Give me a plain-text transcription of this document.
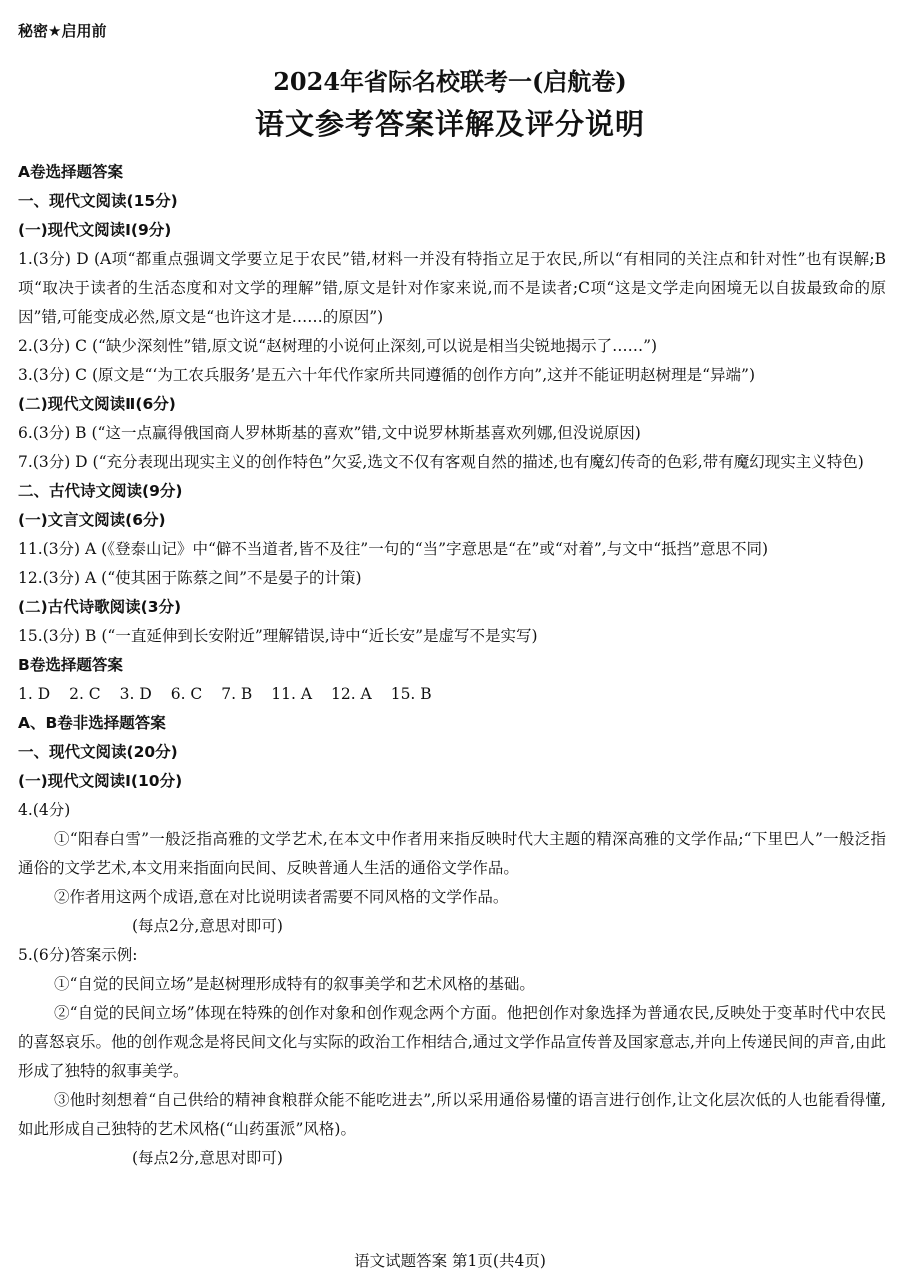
秘密★启用前
2024年省际名校联考一(启航卷)
语文参考答案详解及评分说明

A卷选择题答案

一、现代文阅读(15分)

(一)现代文阅读Ⅰ(9分)

1.(3分) D (A项“都重点强调文学要立足于农民”错,材料一并没有特指立足于农民,所以“有相同的关注点和针对性”也有误解;B项“取决于读者的生活态度和对文学的理解”错,原文是针对作家来说,而不是读者;C项“这是文学走向困境无以自拔最致命的原因”错,可能变成必然,原文是“也许这才是……的原因”)

2.(3分) C (“缺少深刻性”错,原文说“赵树理的小说何止深刻,可以说是相当尖锐地揭示了……”)

3.(3分) C (原文是“‘为工农兵服务’是五六十年代作家所共同遵循的创作方向”,这并不能证明赵树理是“异端”)

(二)现代文阅读Ⅱ(6分)

6.(3分) B (“这一点赢得俄国商人罗林斯基的喜欢”错,文中说罗林斯基喜欢列娜,但没说原因)

7.(3分) D (“充分表现出现实主义的创作特色”欠妥,选文不仅有客观自然的描述,也有魔幻传奇的色彩,带有魔幻现实主义特色)

二、古代诗文阅读(9分)

(一)文言文阅读(6分)

11.(3分) A (《登泰山记》中“僻不当道者,皆不及往”一句的“当”字意思是“在”或“对着”,与文中“抵挡”意思不同)

12.(3分) A (“使其困于陈蔡之间”不是晏子的计策)

(二)古代诗歌阅读(3分)

15.(3分) B (“一直延伸到长安附近”理解错误,诗中“近长安”是虚写不是实写)

B卷选择题答案

1. D 2. C 3. D 6. C 7. B 11. A 12. A 15. B

A、B卷非选择题答案

一、现代文阅读(20分)

(一)现代文阅读Ⅰ(10分)

4.(4分)

①“阳春白雪”一般泛指高雅的文学艺术,在本文中作者用来指反映时代大主题的精深高雅的文学作品;“下里巴人”一般泛指通俗的文学艺术,本文用来指面向民间、反映普通人生活的通俗文学作品。

②作者用这两个成语,意在对比说明读者需要不同风格的文学作品。

(每点2分,意思对即可)

5.(6分)答案示例:

①“自觉的民间立场”是赵树理形成特有的叙事美学和艺术风格的基础。

②“自觉的民间立场”体现在特殊的创作对象和创作观念两个方面。他把创作对象选择为普通农民,反映处于变革时代中农民的喜怒哀乐。他的创作观念是将民间文化与实际的政治工作相结合,通过文学作品宣传普及国家意志,并向上传递民间的声音,由此形成了独特的叙事美学。

③他时刻想着“自己供给的精神食粮群众能不能吃进去”,所以采用通俗易懂的语言进行创作,让文化层次低的人也能看得懂,如此形成自己独特的艺术风格(“山药蛋派”风格)。

(每点2分,意思对即可)

语文试题答案 第1页(共4页)
